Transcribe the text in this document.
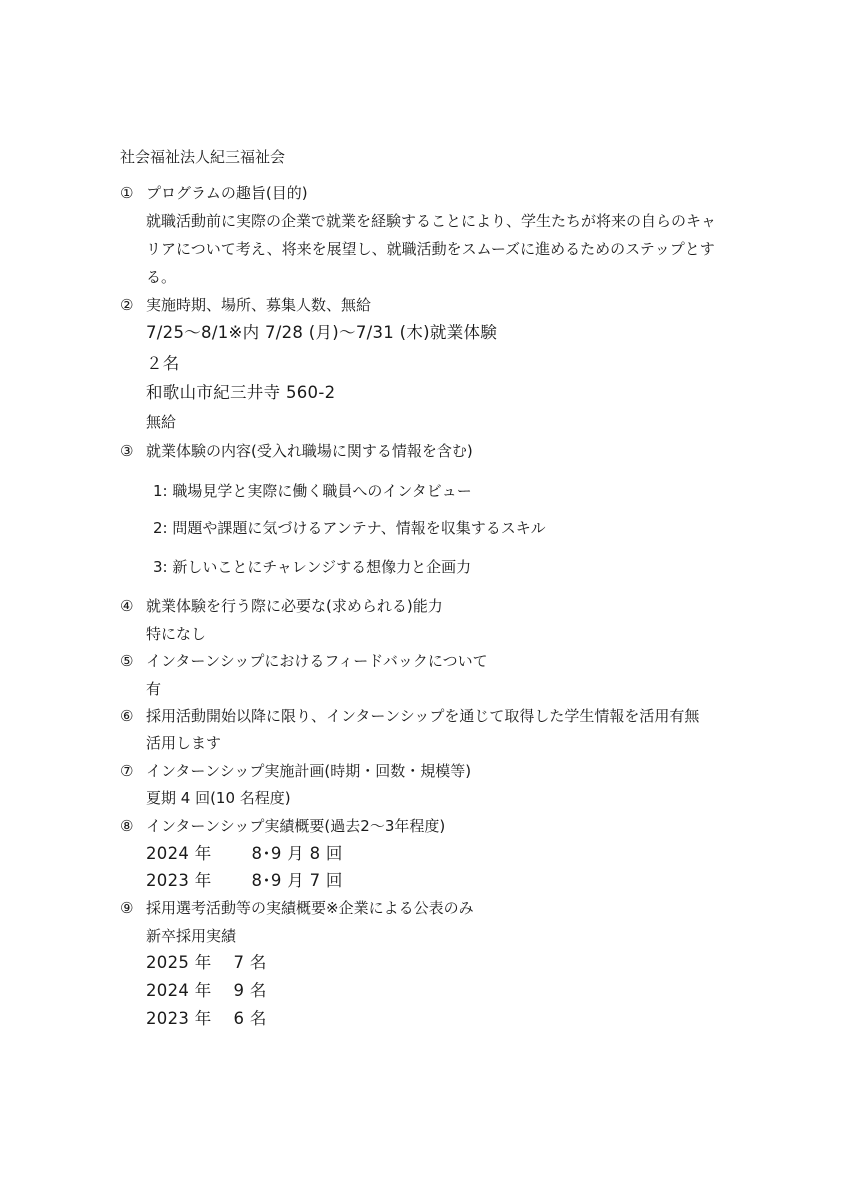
社会福祉法人紀三福祉会
① プログラムの趣旨(目的)
就職活動前に実際の企業で就業を経験することにより、学生たちが将来の自らのキャ
リアについて考え、将来を展望し、就職活動をスムーズに進めるためのステップとす
る。
② 実施時期、場所、募集人数、無給
7/25～8/1※内 7/28 (月)～7/31 (木)就業体験
２名
和歌山市紀三井寺 560-2
無給
③ 就業体験の内容(受入れ職場に関する情報を含む)
1: 職場見学と実際に働く職員へのインタビュー
2: 問題や課題に気づけるアンテナ、情報を収集するスキル
3: 新しいことにチャレンジする想像力と企画力
④ 就業体験を行う際に必要な(求められる)能力
特になし
⑤ インターンシップにおけるフィードバックについて
有
⑥ 採用活動開始以降に限り、インターンシップを通じて取得した学生情報を活用有無
活用します
⑦ インターンシップ実施計画(時期・回数・規模等)
夏期 4 回(10 名程度)
⑧ インターンシップ実績概要(過去2～3年程度)
2024 年 8･9 月 8 回
2023 年 8･9 月 7 回
⑨ 採用選考活動等の実績概要※企業による公表のみ
新卒採用実績
2025 年 7 名
2024 年 9 名
2023 年 6 名
